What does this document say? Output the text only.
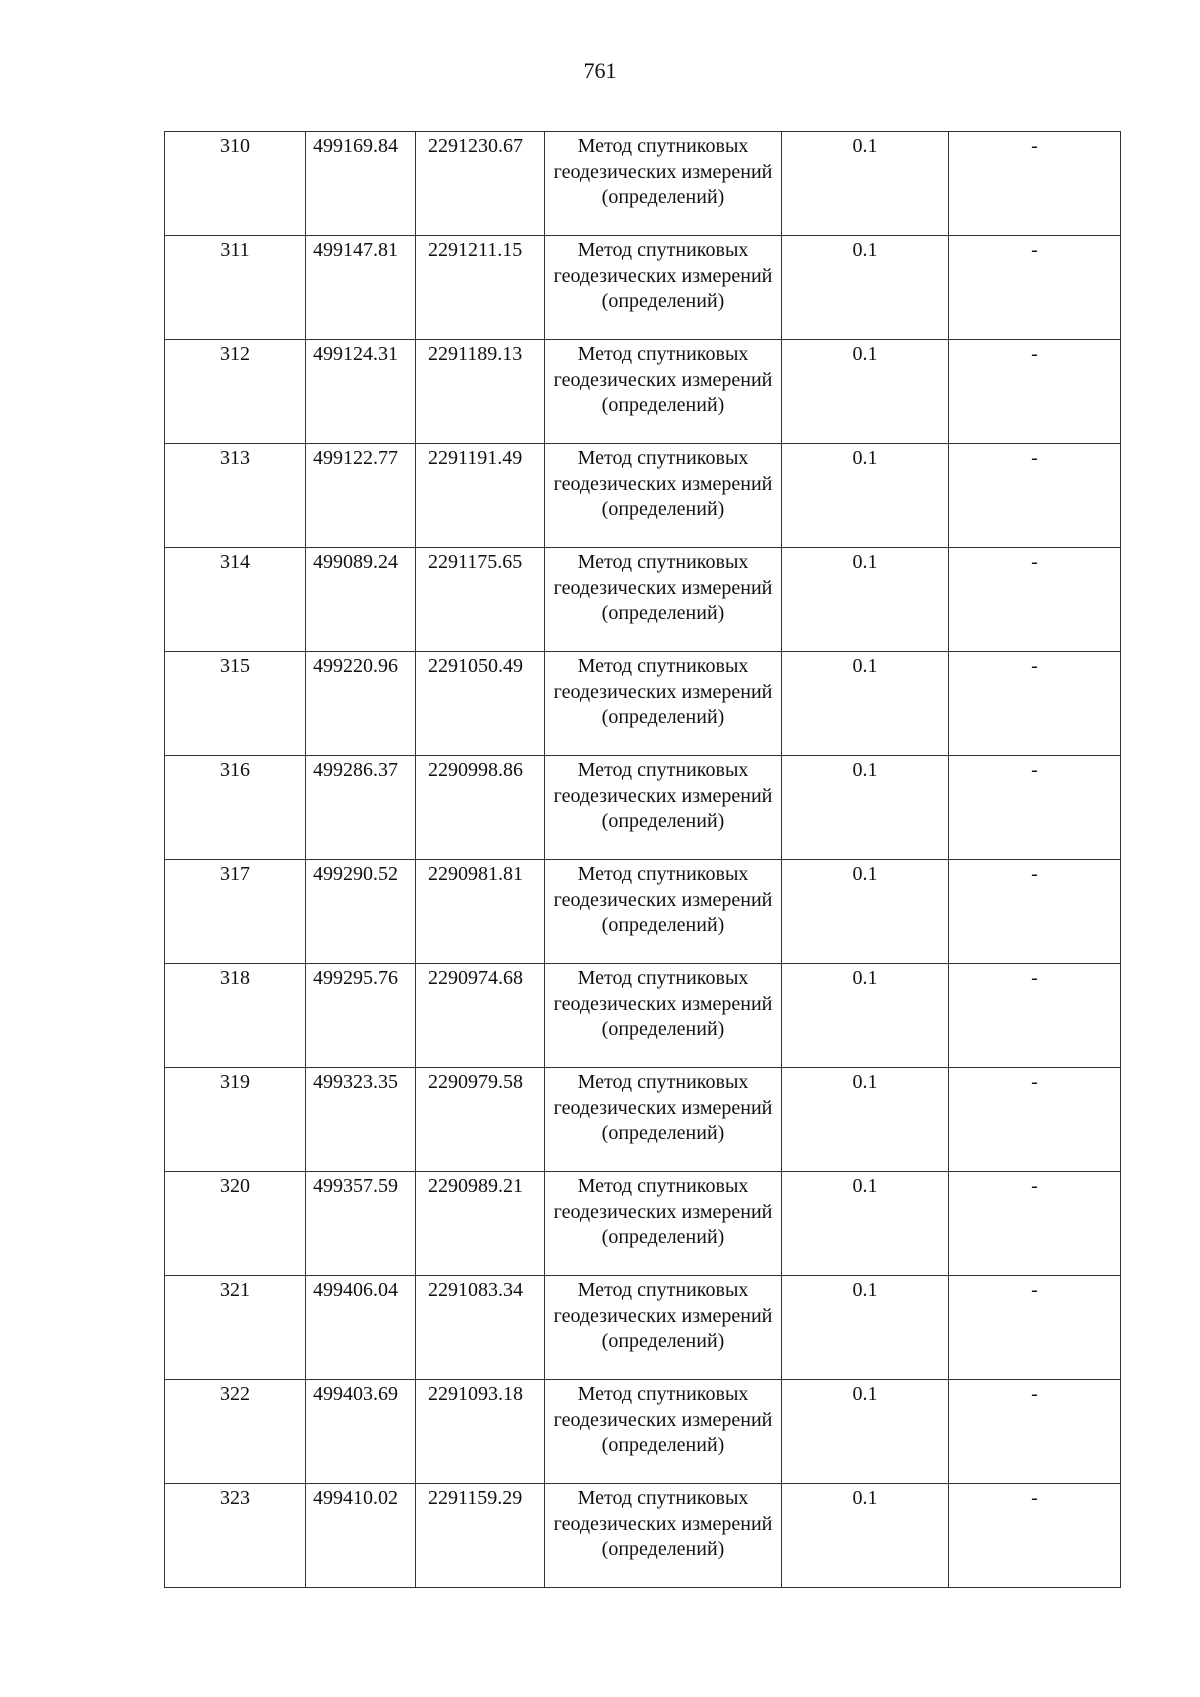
761
310	499169.84	2291230.67	Метод спутниковых геодезических измерений (определений)	0.1	-
311	499147.81	2291211.15	Метод спутниковых геодезических измерений (определений)	0.1	-
312	499124.31	2291189.13	Метод спутниковых геодезических измерений (определений)	0.1	-
313	499122.77	2291191.49	Метод спутниковых геодезических измерений (определений)	0.1	-
314	499089.24	2291175.65	Метод спутниковых геодезических измерений (определений)	0.1	-
315	499220.96	2291050.49	Метод спутниковых геодезических измерений (определений)	0.1	-
316	499286.37	2290998.86	Метод спутниковых геодезических измерений (определений)	0.1	-
317	499290.52	2290981.81	Метод спутниковых геодезических измерений (определений)	0.1	-
318	499295.76	2290974.68	Метод спутниковых геодезических измерений (определений)	0.1	-
319	499323.35	2290979.58	Метод спутниковых геодезических измерений (определений)	0.1	-
320	499357.59	2290989.21	Метод спутниковых геодезических измерений (определений)	0.1	-
321	499406.04	2291083.34	Метод спутниковых геодезических измерений (определений)	0.1	-
322	499403.69	2291093.18	Метод спутниковых геодезических измерений (определений)	0.1	-
323	499410.02	2291159.29	Метод спутниковых геодезических измерений (определений)	0.1	-
